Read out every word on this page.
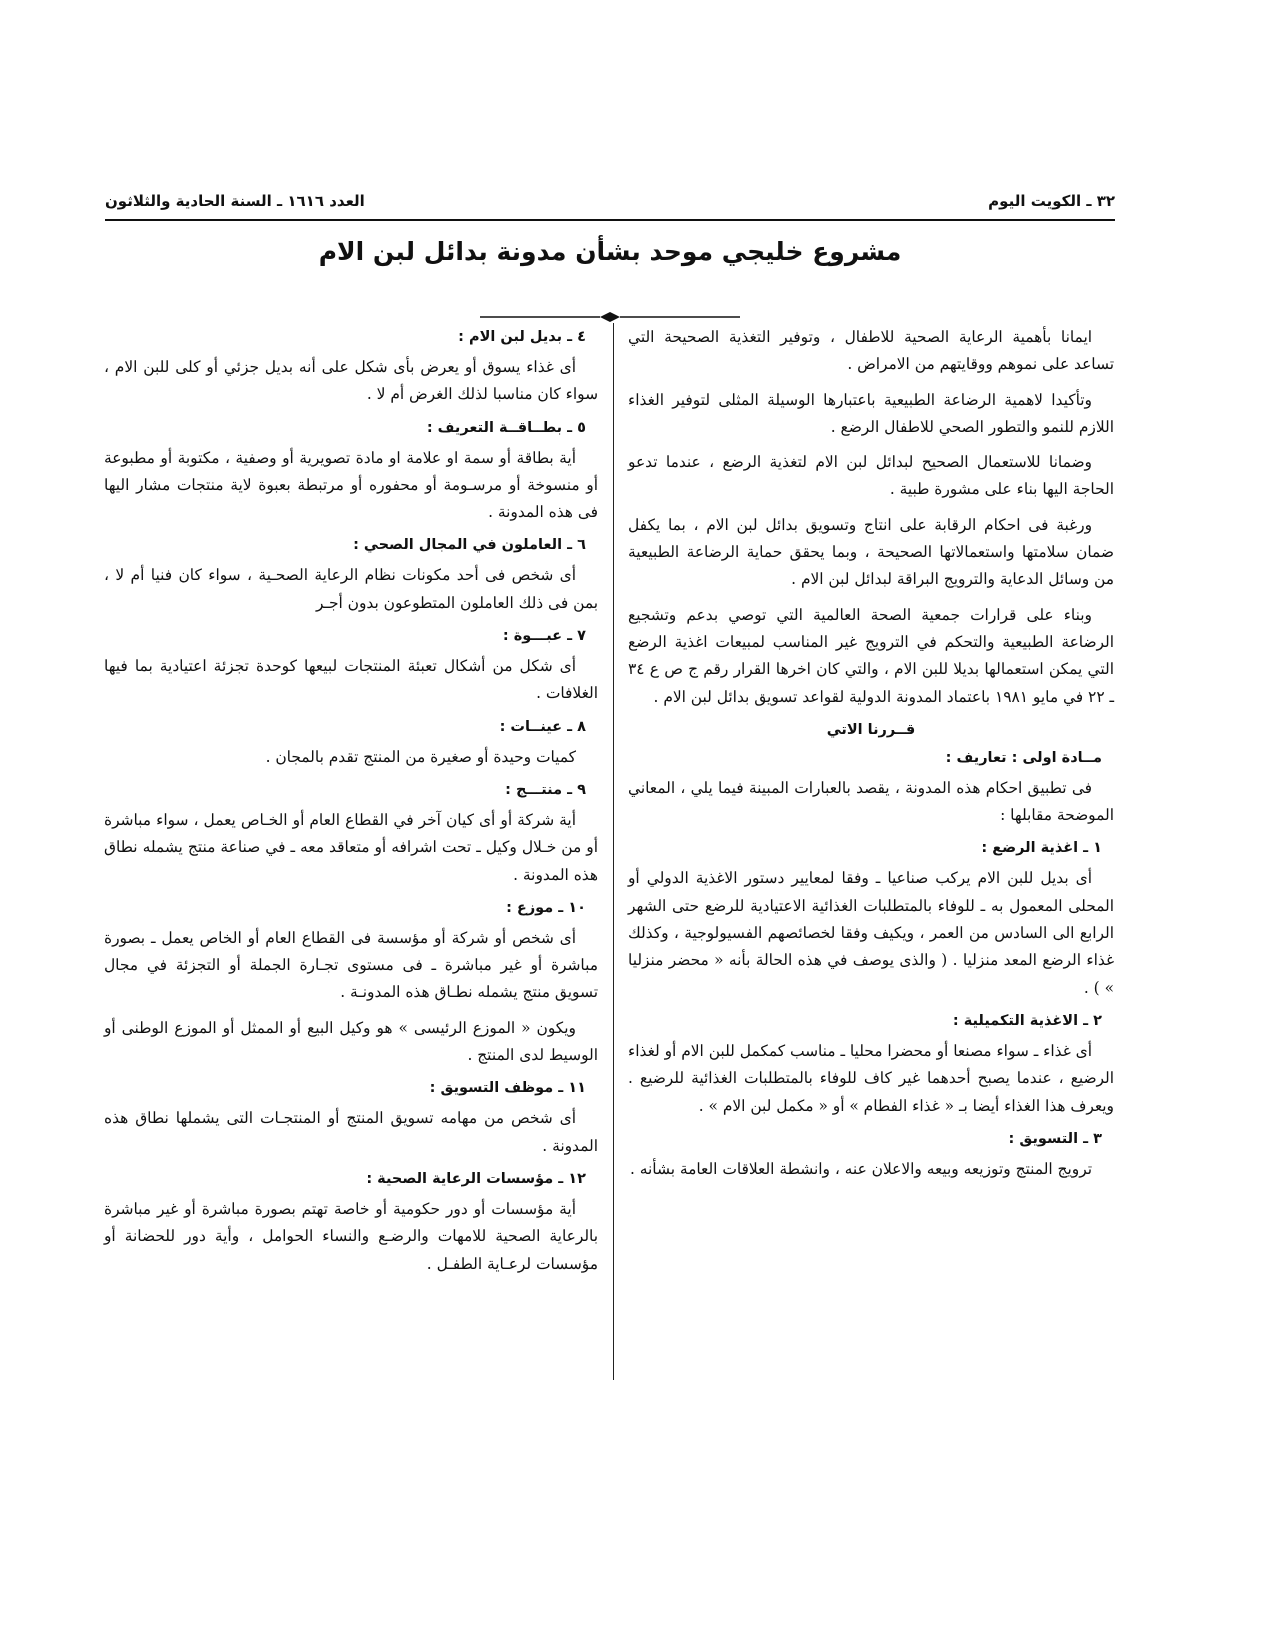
٣٢ ـ الكويت اليوم
العدد ١٦١٦ ـ السنة الحادية والثلاثون
مشروع خليجي موحد بشأن مدونة بدائل لبن الام

ايمانا بأهمية الرعاية الصحية للاطفال ، وتوفير التغذية الصحيحة التي تساعد على نموهم ووقايتهم من الامراض .

وتأكيدا لاهمية الرضاعة الطبيعية باعتبارها الوسيلة المثلى لتوفير الغذاء اللازم للنمو والتطور الصحي للاطفال الرضع .

وضمانا للاستعمال الصحيح لبدائل لبن الام لتغذية الرضع ، عندما تدعو الحاجة اليها بناء على مشورة طبية .

ورغبة فى احكام الرقابة على انتاج وتسويق بدائل لبن الام ، بما يكفل ضمان سلامتها واستعمالاتها الصحيحة ، وبما يحقق حماية الرضاعة الطبيعية من وسائل الدعاية والترويج البراقة لبدائل لبن الام .

وبناء على قرارات جمعية الصحة العالمية التي توصي بدعم وتشجيع الرضاعة الطبيعية والتحكم في الترويج غير المناسب لمبيعات اغذية الرضع التي يمكن استعمالها بديلا للبن الام ، والتي كان اخرها القرار رقم ج ص ع ٣٤ ـ ٢٢ في مايو ١٩٨١ باعتماد المدونة الدولية لقواعد تسويق بدائل لبن الام .

قــررنا الاتي
مــادة اولى : تعاريف :

فى تطبيق احكام هذه المدونة ، يقصد بالعبارات المبينة فيما يلي ، المعاني الموضحة مقابلها :

١ ـ اغذية الرضع :

أى بديل للبن الام يركب صناعيا ـ وفقا لمعايير دستور الاغذية الدولي أو المحلى المعمول به ـ للوفاء بالمتطلبات الغذائية الاعتيادية للرضع حتى الشهر الرابع الى السادس من العمر ، ويكيف وفقا لخصائصهم الفسيولوجية ، وكذلك غذاء الرضع المعد منزليا . ( والذى يوصف في هذه الحالة بأنه « محضر منزليا » ) .

٢ ـ الاغذية التكميلية :

أى غذاء ـ سواء مصنعا أو محضرا محليا ـ مناسب كمكمل للبن الام أو لغذاء الرضيع ، عندما يصبح أحدهما غير كاف للوفاء بالمتطلبات الغذائية للرضيع . ويعرف هذا الغذاء أيضا بـ « غذاء الفطام » أو « مكمل لبن الام » .

٣ ـ التسويق :

ترويج المنتج وتوزيعه وبيعه والاعلان عنه ، وانشطة العلاقات العامة بشأنه .

٤ ـ بديل لبن الام :

أى غذاء يسوق أو يعرض بأى شكل على أنه بديل جزئي أو كلى للبن الام ، سواء كان مناسبا لذلك الغرض أم لا .

٥ ـ بطــاقــة التعريف :

أية بطاقة أو سمة او علامة او مادة تصويرية أو وصفية ، مكتوبة أو مطبوعة أو منسوخة أو مرسـومة أو محفوره أو مرتبطة بعبوة لاية منتجات مشار اليها فى هذه المدونة .

٦ ـ العاملون في المجال الصحي :

أى شخص فى أحد مكونات نظام الرعاية الصحـية ، سواء كان فنيا أم لا ، بمن فى ذلك العاملون المتطوعون بدون أجـر

٧ ـ عبـــوة :

أى شكل من أشكال تعبئة المنتجات لبيعها كوحدة تجزئة اعتيادية بما فيها الغلافات .

٨ ـ عينــات :

كميات وحيدة أو صغيرة من المنتج تقدم بالمجان .

٩ ـ منتـــج :

أية شركة أو أى كيان آخر في القطاع العام أو الخـاص يعمل ، سواء مباشرة أو من خـلال وكيل ـ تحت اشرافه أو متعاقد معه ـ في صناعة منتج يشمله نطاق هذه المدونة .

١٠ ـ موزع :

أى شخص أو شركة أو مؤسسة فى القطاع العام أو الخاص يعمل ـ بصورة مباشرة أو غير مباشرة ـ فى مستوى تجـارة الجملة أو التجزئة في مجال تسويق منتج يشمله نطـاق هذه المدونـة .

ويكون « الموزع الرئيسى » هو وكيل البيع أو الممثل أو الموزع الوطنى أو الوسيط لدى المنتج .

١١ ـ موظف التسويق :

أى شخص من مهامه تسويق المنتج أو المنتجـات التى يشملها نطاق هذه المدونة .

١٢ ـ مؤسسات الرعاية الصحية :

أية مؤسسات أو دور حكومية أو خاصة تهتم بصورة مباشرة أو غير مباشرة بالرعاية الصحية للامهات والرضـع والنساء الحوامل ، وأية دور للحضانة أو مؤسسات لرعـاية الطفـل .
